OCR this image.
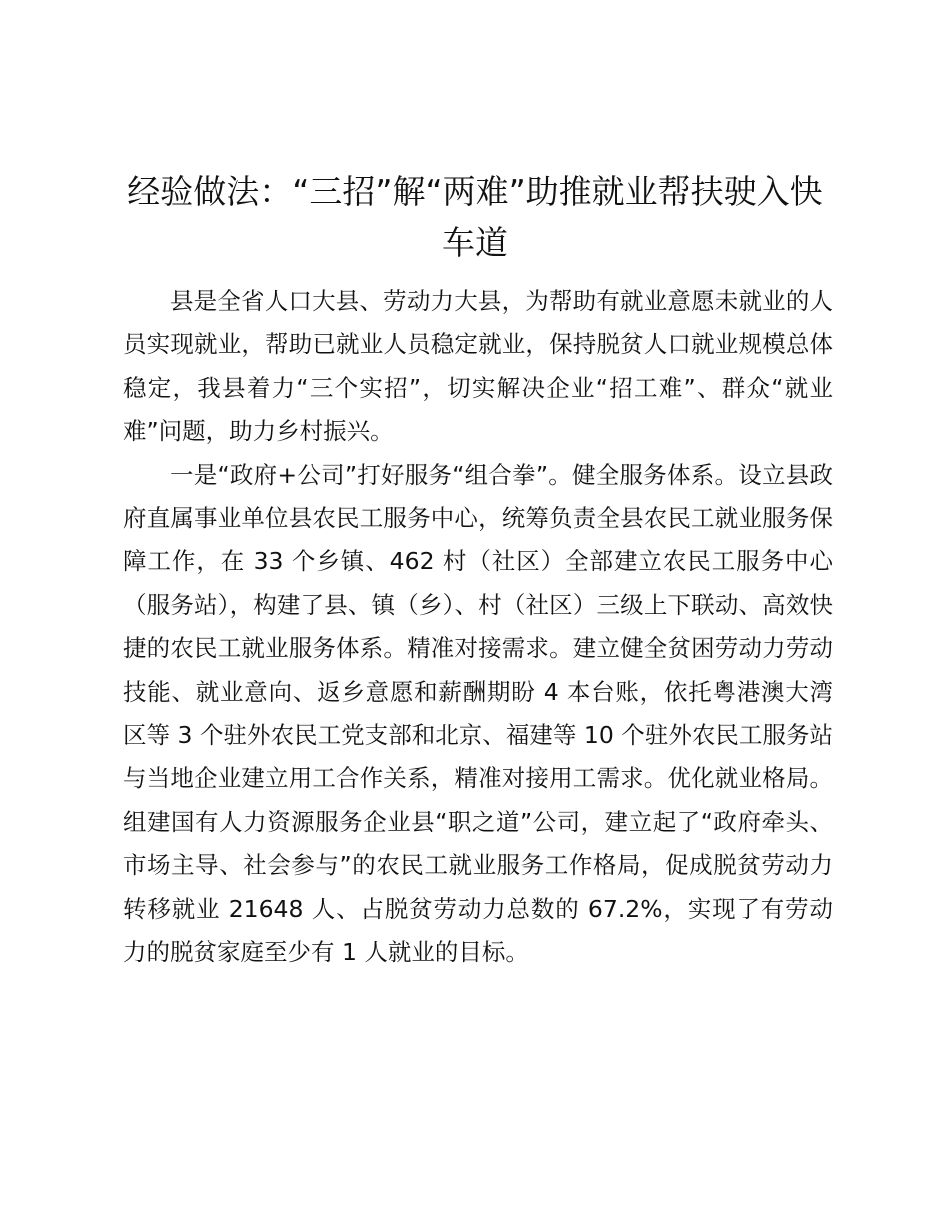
经验做法：“三招”解“两难”助推就业帮扶驶入快车道

县是全省人口大县、劳动力大县，为帮助有就业意愿未就业的人员实现就业，帮助已就业人员稳定就业，保持脱贫人口就业规模总体稳定，我县着力“三个实招”，切实解决企业“招工难”、群众“就业难”问题，助力乡村振兴。

一是“政府+公司”打好服务“组合拳”。健全服务体系。设立县政府直属事业单位县农民工服务中心，统筹负责全县农民工就业服务保障工作，在 33 个乡镇、462 村（社区）全部建立农民工服务中心（服务站），构建了县、镇（乡）、村（社区）三级上下联动、高效快捷的农民工就业服务体系。精准对接需求。建立健全贫困劳动力劳动技能、就业意向、返乡意愿和薪酬期盼 4 本台账，依托粤港澳大湾区等 3 个驻外农民工党支部和北京、福建等 10 个驻外农民工服务站与当地企业建立用工合作关系，精准对接用工需求。优化就业格局。组建国有人力资源服务企业县“职之道”公司，建立起了“政府牵头、市场主导、社会参与”的农民工就业服务工作格局，促成脱贫劳动力转移就业 21648 人、占脱贫劳动力总数的 67.2%，实现了有劳动力的脱贫家庭至少有 1 人就业的目标。
